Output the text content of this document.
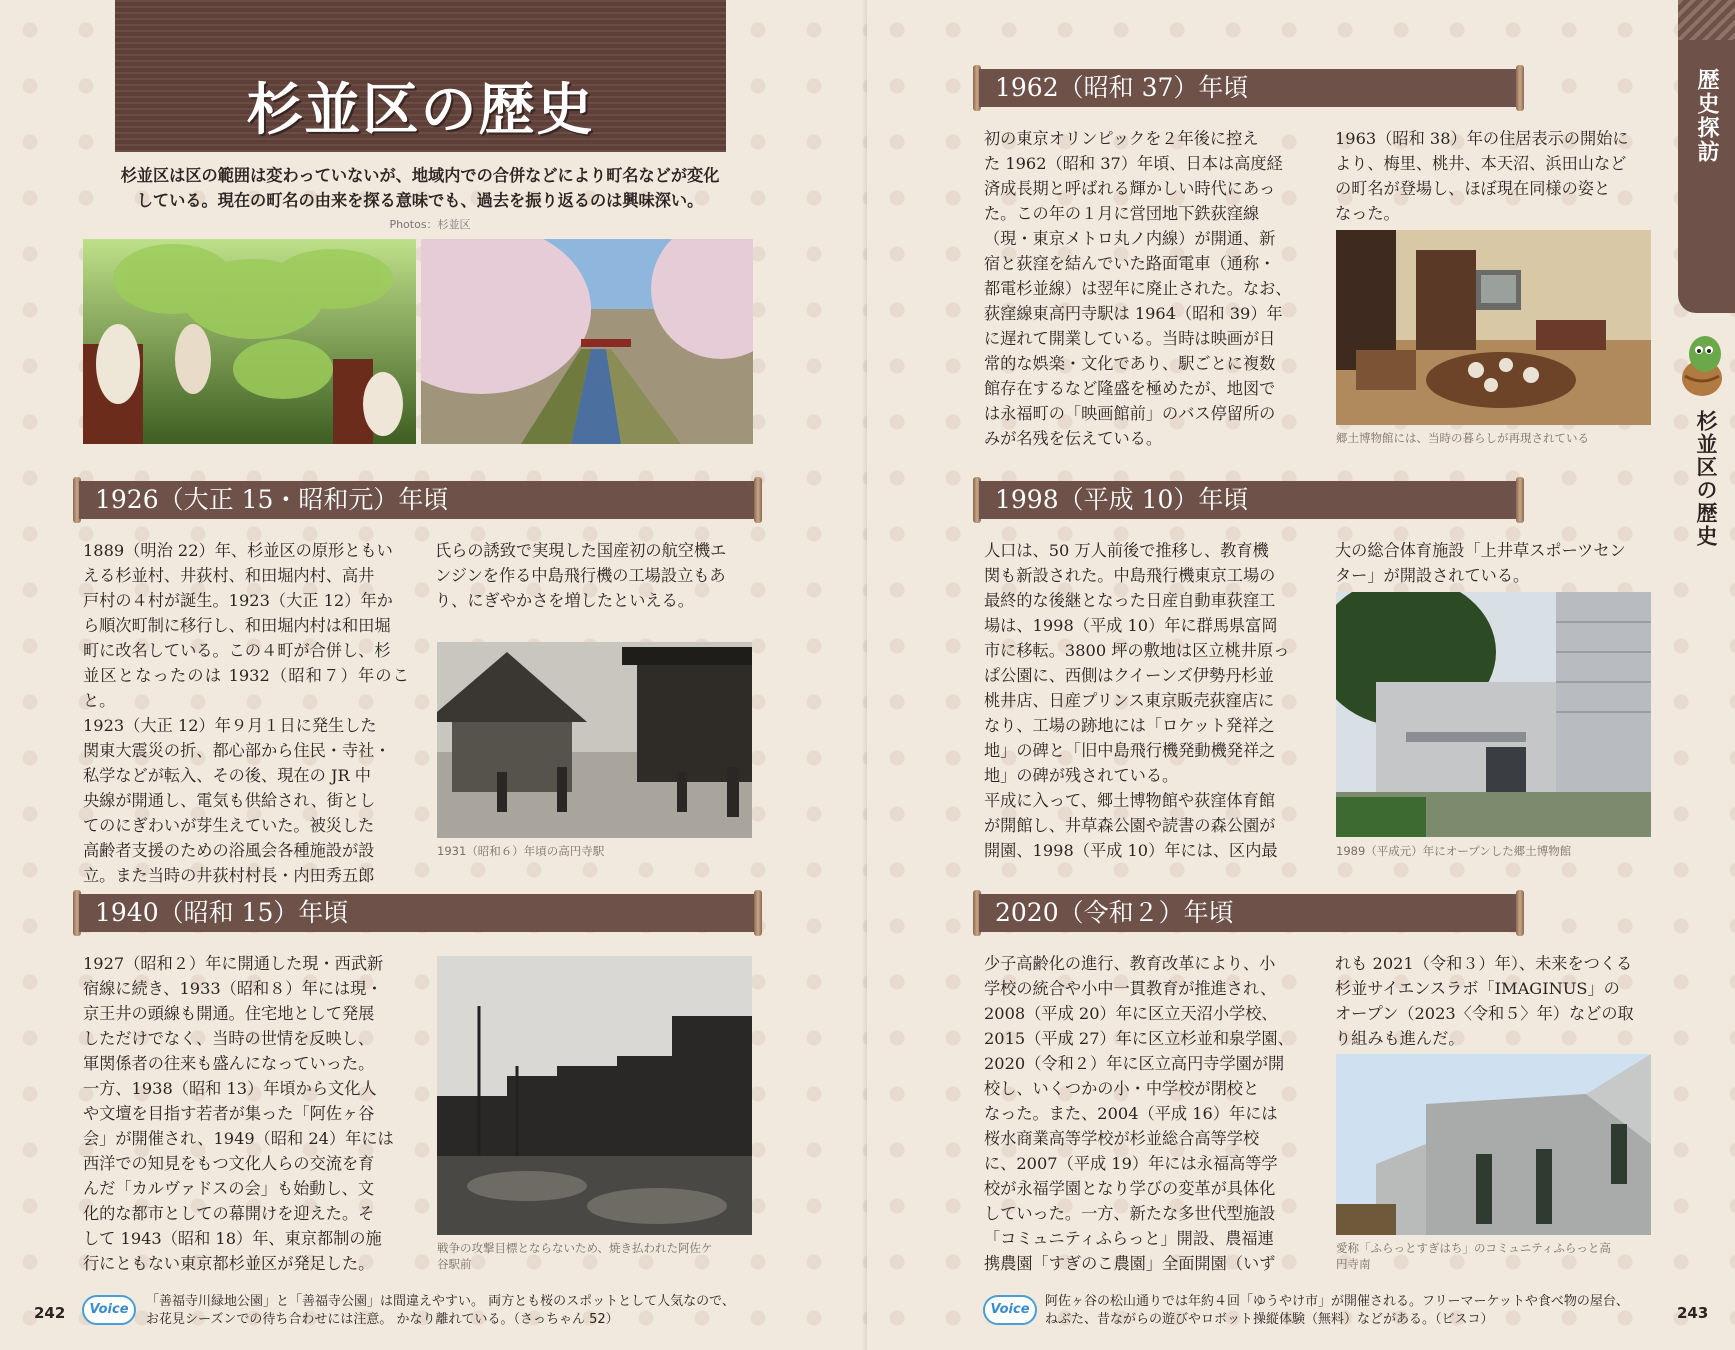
杉並区の歴史
杉並区は区の範囲は変わっていないが、地域内での合併などにより町名などが変化
している。現在の町名の由来を探る意味でも、過去を振り返るのは興味深い。
Photos：杉並区
1926（大正 15・昭和元）年頃
1889（明治 22）年、杉並区の原形ともい
える杉並村、井荻村、和田堀内村、高井
戸村の４村が誕生。1923（大正 12）年か
ら順次町制に移行し、和田堀内村は和田堀
町に改名している。この４町が合併し、杉
並区となったのは 1932（昭和７）年のこと。
1923（大正 12）年９月１日に発生した
関東大震災の折、都心部から住民・寺社・
私学などが転入、その後、現在の JR 中
央線が開通し、電気も供給され、街とし
てのにぎわいが芽生えていた。被災した
高齢者支援のための浴風会各種施設が設
立。また当時の井荻村村長・内田秀五郎
氏らの誘致で実現した国産初の航空機エ
ンジンを作る中島飛行機の工場設立もあ
り、にぎやかさを増したといえる。
1931（昭和６）年頃の高円寺駅
1940（昭和 15）年頃
1927（昭和２）年に開通した現・西武新
宿線に続き、1933（昭和８）年には現・
京王井の頭線も開通。住宅地として発展
しただけでなく、当時の世情を反映し、
軍関係者の往来も盛んになっていった。
一方、1938（昭和 13）年頃から文化人
や文壇を目指す若者が集った「阿佐ヶ谷
会」が開催され、1949（昭和 24）年には
西洋での知見をもつ文化人らの交流を育
んだ「カルヴァドスの会」も始動し、文
化的な都市としての幕開けを迎えた。そ
して 1943（昭和 18）年、東京都制の施
行にともない東京都杉並区が発足した。
戦争の攻撃目標とならないため、焼き払われた阿佐ケ
谷駅前
242	Voice
「善福寺川緑地公園」と「善福寺公園」は間違えやすい。 両方とも桜のスポットとして人気なので、
お花見シーズンでの待ち合わせには注意。 かなり離れている。（さっちゃん 52）
1962（昭和 37）年頃
初の東京オリンピックを２年後に控え
た 1962（昭和 37）年頃、日本は高度経
済成長期と呼ばれる輝かしい時代にあっ
た。この年の１月に営団地下鉄荻窪線
（現・東京メトロ丸ノ内線）が開通、新
宿と荻窪を結んでいた路面電車（通称・
都電杉並線）は翌年に廃止された。なお、
荻窪線東高円寺駅は 1964（昭和 39）年
に遅れて開業している。当時は映画が日
常的な娯楽・文化であり、駅ごとに複数
館存在するなど隆盛を極めたが、地図で
は永福町の「映画館前」のバス停留所の
みが名残を伝えている。
1963（昭和 38）年の住居表示の開始に
より、梅里、桃井、本天沼、浜田山など
の町名が登場し、ほぼ現在同様の姿と
なった。
郷土博物館には、当時の暮らしが再現されている
1998（平成 10）年頃
人口は、50 万人前後で推移し、教育機
関も新設された。中島飛行機東京工場の
最終的な後継となった日産自動車荻窪工
場は、1998（平成 10）年に群馬県富岡
市に移転。3800 坪の敷地は区立桃井原っ
ぱ公園に、西側はクイーンズ伊勢丹杉並
桃井店、日産プリンス東京販売荻窪店に
なり、工場の跡地には「ロケット発祥之
地」の碑と「旧中島飛行機発動機発祥之
地」の碑が残されている。
平成に入って、郷土博物館や荻窪体育館
が開館し、井草森公園や読書の森公園が
開園、1998（平成 10）年には、区内最
大の総合体育施設「上井草スポーツセン
ター」が開設されている。
1989（平成元）年にオープンした郷土博物館
2020（令和２）年頃
少子高齢化の進行、教育改革により、小
学校の統合や小中一貫教育が推進され、
2008（平成 20）年に区立天沼小学校、
2015（平成 27）年に区立杉並和泉学園、
2020（令和２）年に区立高円寺学園が開
校し、いくつかの小・中学校が閉校と
なった。また、2004（平成 16）年には
桜水商業高等学校が杉並総合高等学校
に、2007（平成 19）年には永福高等学
校が永福学園となり学びの変革が具体化
していった。一方、新たな多世代型施設
「コミュニティふらっと」開設、農福連
携農園「すぎのこ農園」全面開園（いず
れも 2021（令和３）年）、未来をつくる
杉並サイエンスラボ「IMAGINUS」の
オープン（2023〈令和５〉年）などの取
り組みも進んだ。
愛称「ふらっとすぎはち」のコミュニティふらっと高
円寺南
Voice
阿佐ヶ谷の松山通りでは年約４回「ゆうやけ市」が開催される。フリーマーケットや食べ物の屋台、
ねぶた、昔ながらの遊びやロボット操縦体験（無料）などがある。（ビスコ）	243
歴史探訪
杉並区の歴史
